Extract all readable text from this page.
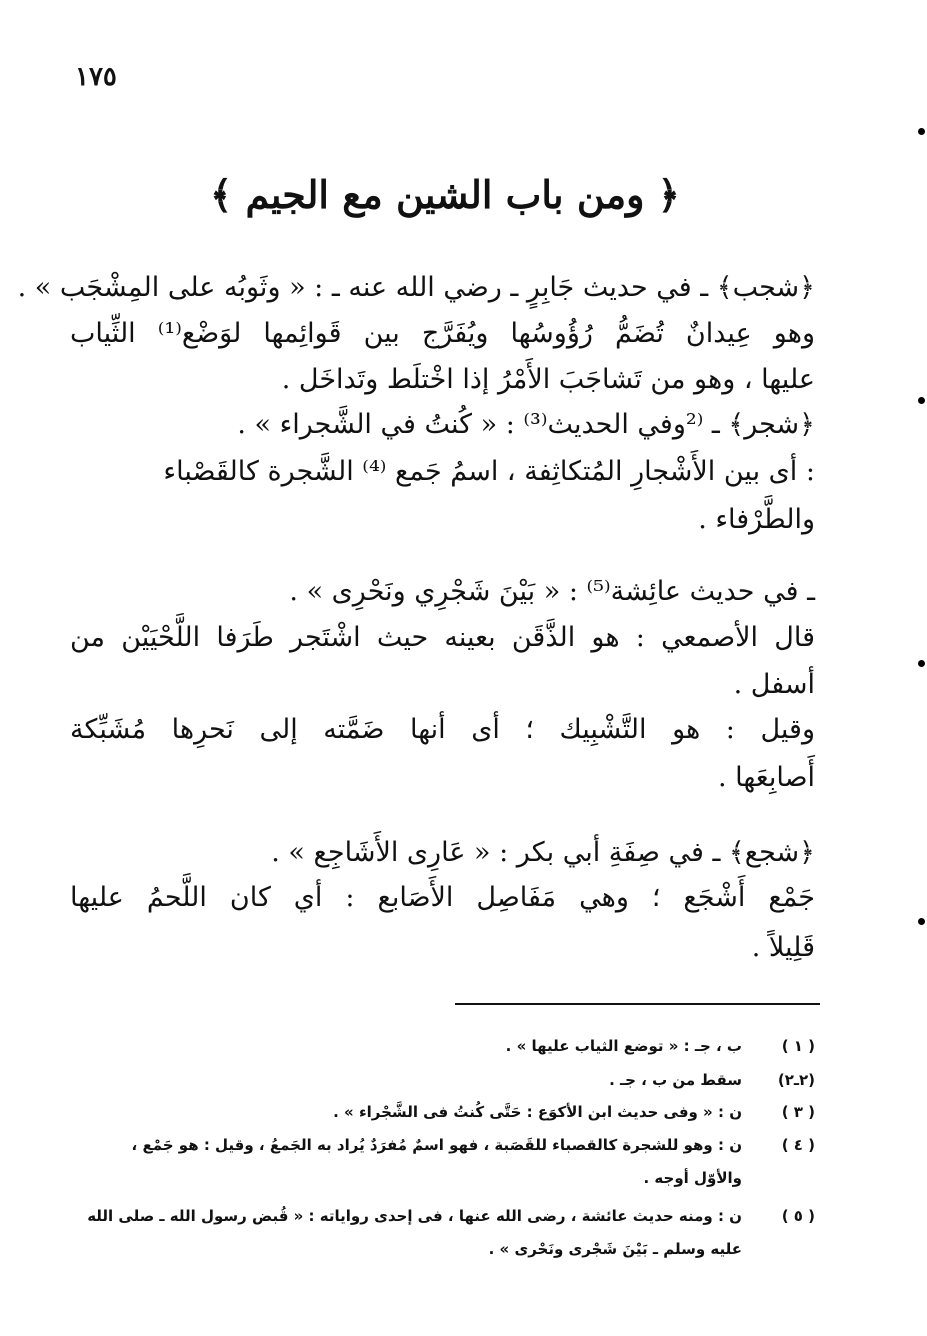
١٧٥
﴿ ومن باب الشين مع الجيم ﴾
﴿شجب﴾ ـ في حديث جَابِرٍ ـ رضي الله عنه ـ : « وثَوبُه على المِشْجَب » .
وهو عِيدانٌ تُضَمُّ رُؤُوسُها ويُفَرَّج بين قَوائِمها لوَضْع⁽¹⁾ الثِّياب
عليها ، وهو من تَشاجَبَ الأَمْرُ إذا اخْتلَط وتَداخَل .
﴿شجر﴾ ـ ⁽²وفي الحديث⁽³⁾ : « كُنتُ في الشَّجراء » .
: أى بين الأَشْجارِ المُتكاثِفة ، اسمُ جَمع ⁽⁴⁾ الشَّجرة كالقَصْباء
والطَّرْفاء .
ـ في حديث عائِشة⁽⁵⁾ : « بَيْنَ شَجْرِي ونَحْرِى » .
قال الأصمعي : هو الذَّقَن بعينه حيث اشْتَجر طَرَفا اللَّحْيَيْن من
أسفل .
وقيل : هو التَّشْبِيك ؛ أى أنها ضَمَّته إلى نَحرِها مُشَبِّكة
أَصابِعَها .
﴿شجع﴾ ـ في صِفَةِ أبي بكر : « عَارِى الأَشَاجِع » .
جَمْع أَشْجَع ؛ وهي مَفَاصِل الأَصَابع : أي كان اللَّحمُ عليها
قَلِيلاً .
( ١ )
ب ، جـ : « توضع الثياب عليها » .
(٢ـ٢)
سقط من ب ، جـ .
( ٣ )
ن : « وفى حديث ابن الأكوَع : حَتَّى كُنتُ فى الشَّجْراء » .
( ٤ )
ن : وهو للشجرة كالقصباء للقَصَبة ، فهو اسمٌ مُفرَدٌ يُراد به الجَمعُ ، وقيل : هو جَمْع ،
والأوّل أوجه .
( ٥ )
ن : ومنه حديث عائشة ، رضى الله عنها ، فى إحدى رواياته : « قُبض رسول الله ـ صلى الله
عليه وسلم ـ بَيْنَ شَجْرى ونَحْرى » .
